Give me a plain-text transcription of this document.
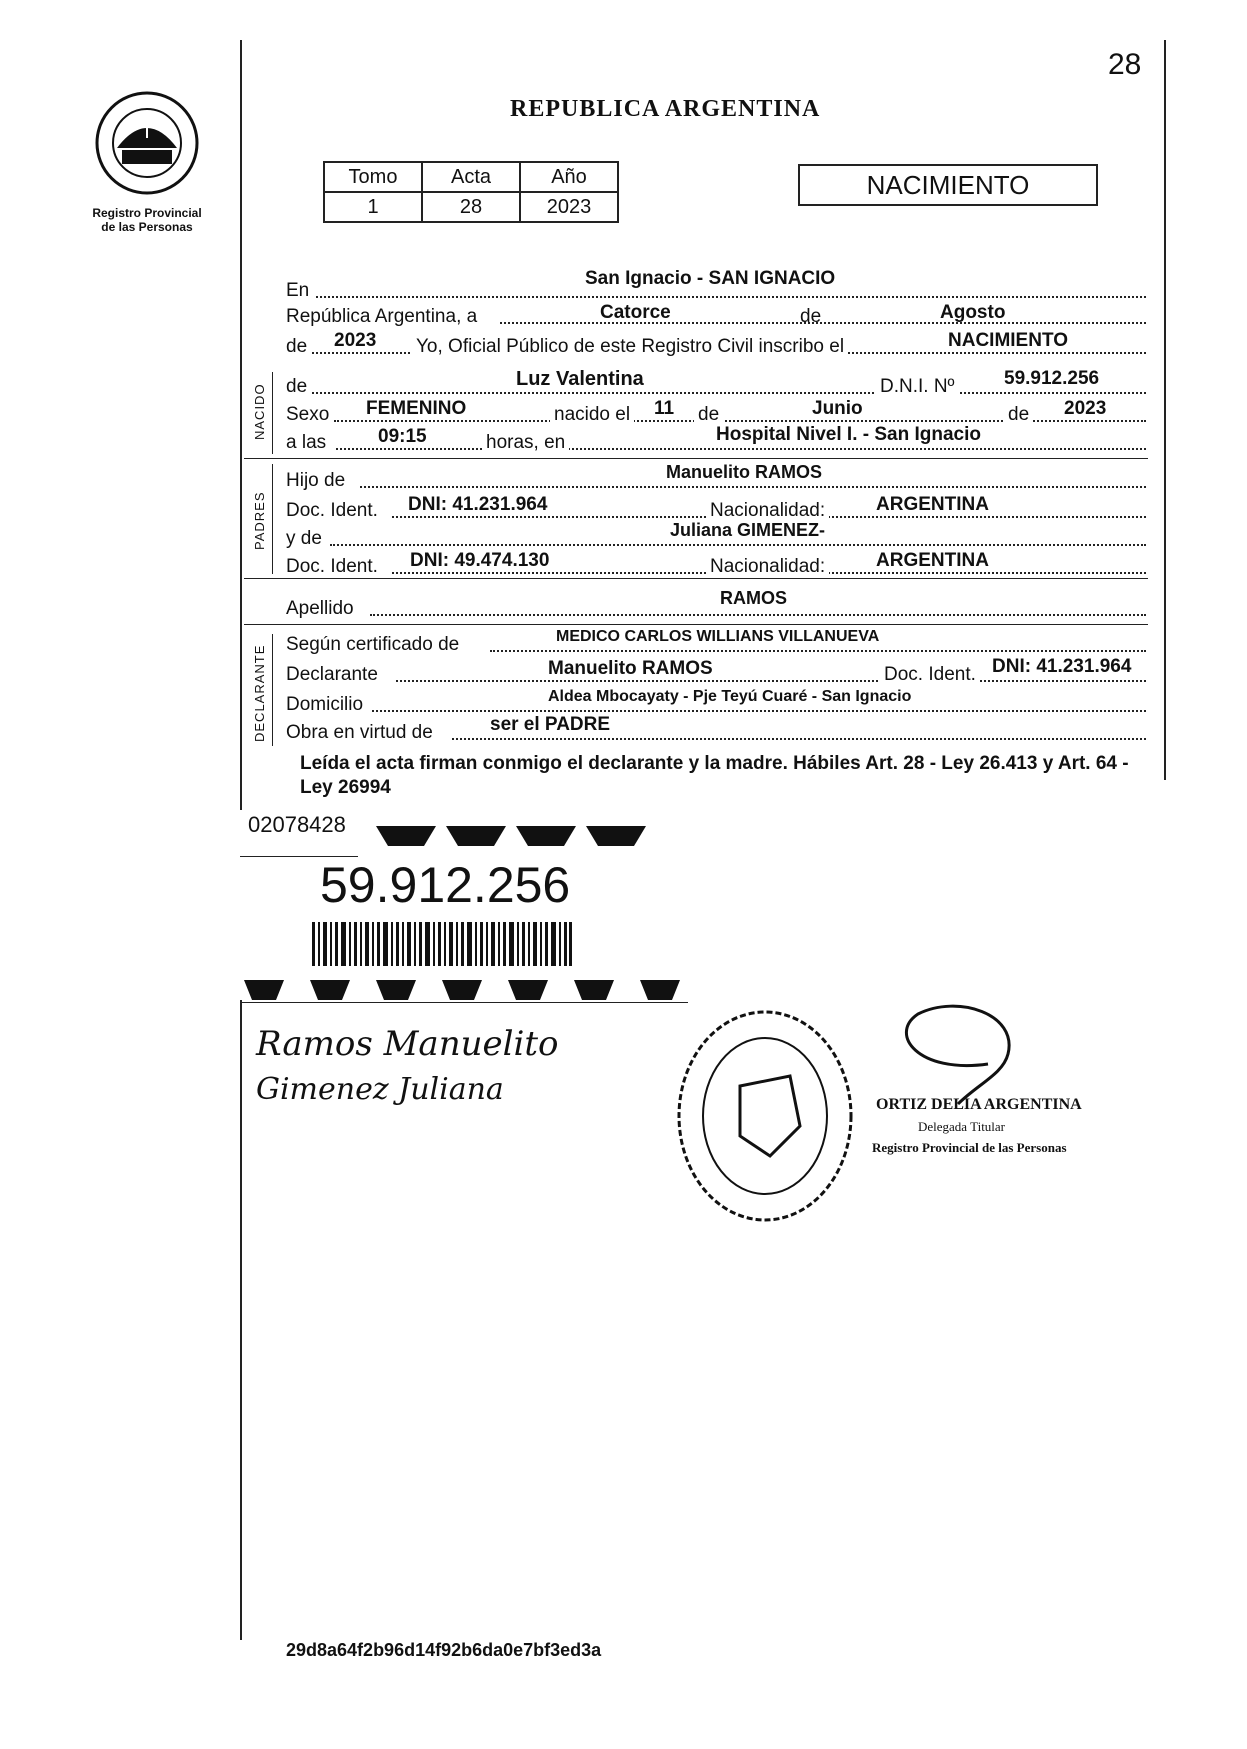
28
Registro Provincial
de las Personas
REPUBLICA ARGENTINA
Tomo	Acta	Año
1	28	2023
NACIMIENTO
En
San Ignacio - SAN IGNACIO
República Argentina, a	Catorce	de	Agosto
de 2023 Yo, Oficial Público de este Registro Civil inscribo el	NACIMIENTO
NACIDO de	Luz Valentina	D.N.I. Nº	59.912.256
Sexo FEMENINO	nacido el 11 de	Junio	de 2023
a las	09:15	horas, en	Hospital Nivel I. - San Ignacio
PADRES
Hijo de	Manuelito RAMOS
Doc. Ident. DNI: 41.231.964	Nacionalidad:	ARGENTINA
y de	Juliana GIMENEZ-
Doc. Ident. DNI: 49.474.130	Nacionalidad:	ARGENTINA
Apellido	RAMOS
DECLARANTE
Según certificado de	MEDICO CARLOS WILLIANS VILLANUEVA
Declarante	Manuelito RAMOS	Doc. Ident. DNI: 41.231.964
Domicilio	Aldea Mbocayaty - Pje Teyú Cuaré - San Ignacio
Obra en virtud de	ser el PADRE
Leída el acta firman conmigo el declarante y la madre. Hábiles Art. 28 - Ley 26.413 y Art. 64 - Ley 26994
02078428
59.912.256
Ramos Manuelito
Gimenez Juliana	ORTIZ DELIA ARGENTINA
Delegada Titular
Registro Provincial de las Personas
29d8a64f2b96d14f92b6da0e7bf3ed3a
